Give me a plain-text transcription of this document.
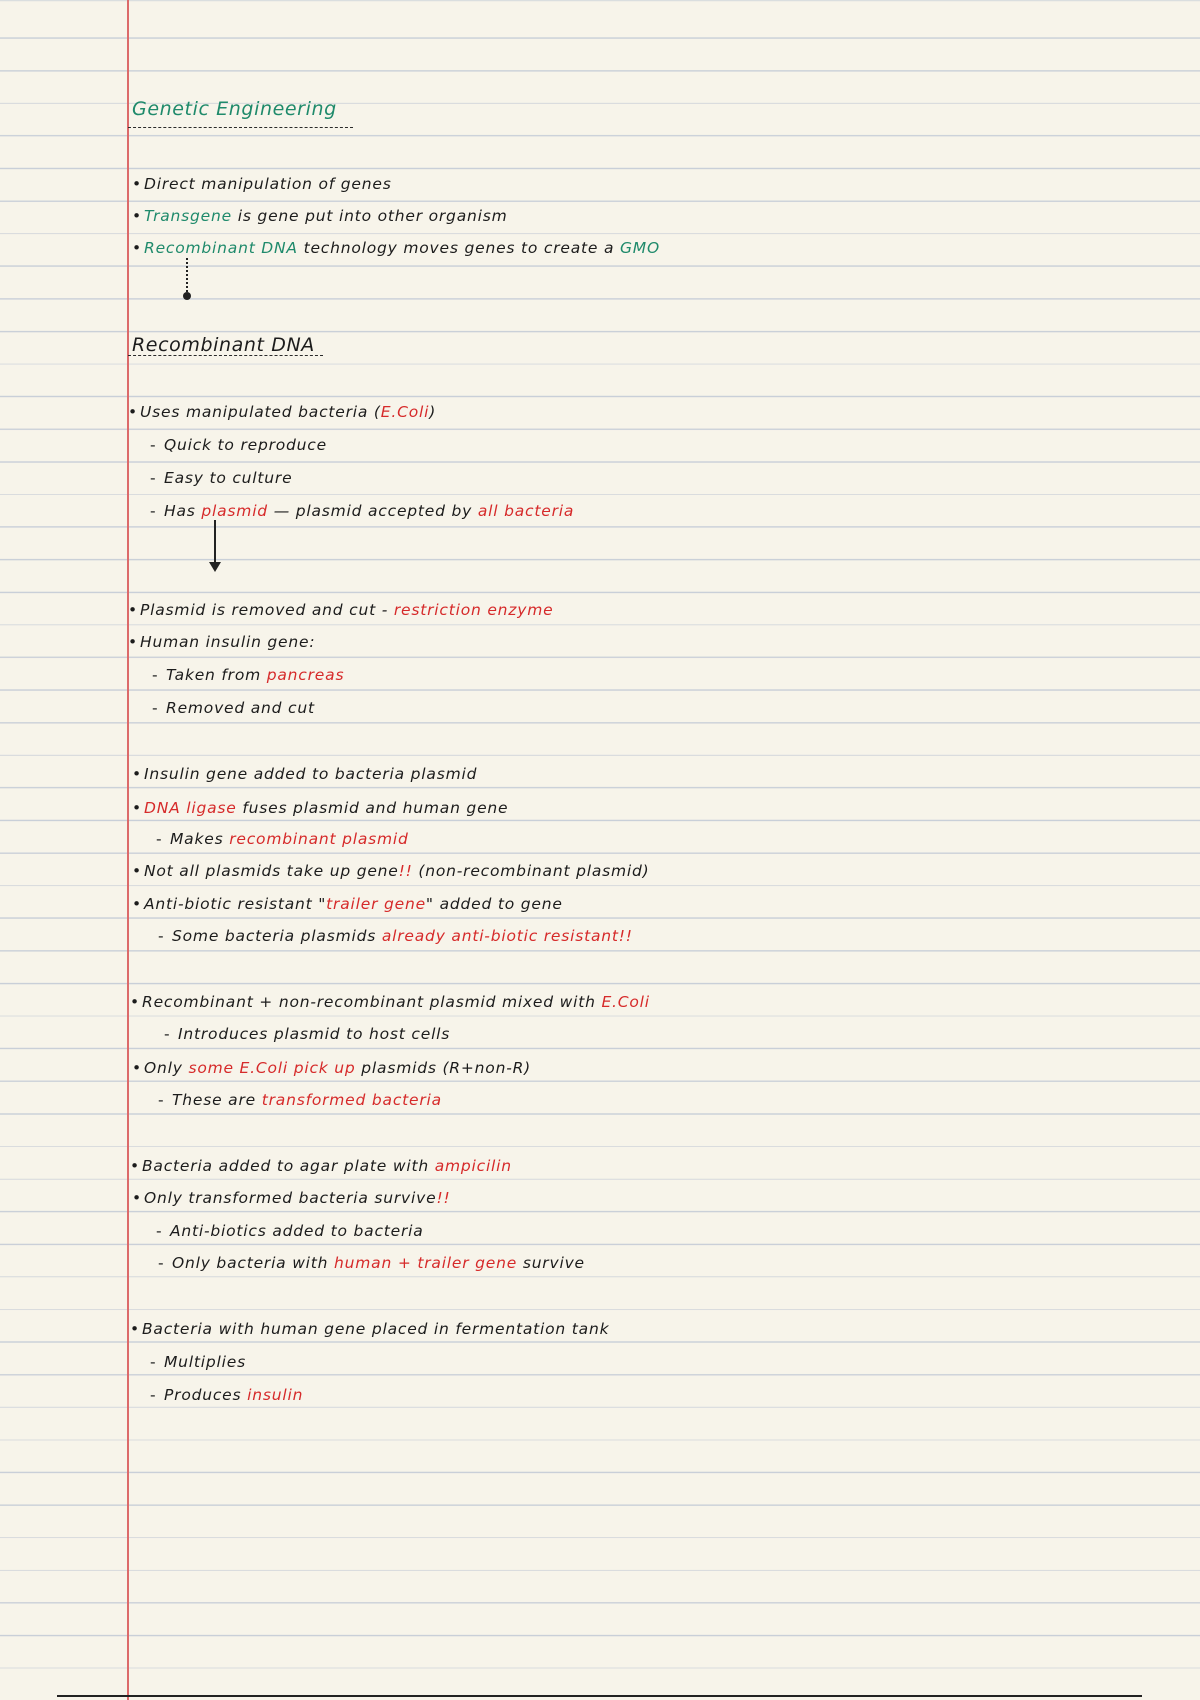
Genetic Engineering
• Direct manipulation of genes
• Transgene is gene put into other organism
• Recombinant DNA technology moves genes to create a GMO
Recombinant DNA
• Uses manipulated bacteria (E.Coli)
- Quick to reproduce
- Easy to culture
- Has plasmid — plasmid accepted by all bacteria
• Plasmid is removed and cut - restriction enzyme
• Human insulin gene:
- Taken from pancreas
- Removed and cut
• Insulin gene added to bacteria plasmid
• DNA ligase fuses plasmid and human gene
- Makes recombinant plasmid
• Not all plasmids take up gene!! (non-recombinant plasmid)
• Anti-biotic resistant "trailer gene" added to gene
- Some bacteria plasmids already anti-biotic resistant!!
• Recombinant + non-recombinant plasmid mixed with E.Coli
- Introduces plasmid to host cells
• Only some E.Coli pick up plasmids (R+non-R)
- These are transformed bacteria
• Bacteria added to agar plate with ampicilin
• Only transformed bacteria survive!!
- Anti-biotics added to bacteria
- Only bacteria with human + trailer gene survive
• Bacteria with human gene placed in fermentation tank
- Multiplies
- Produces insulin
